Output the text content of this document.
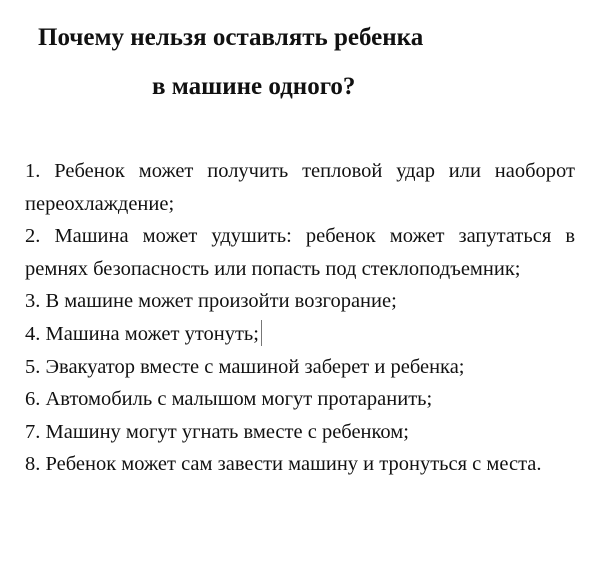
Почему нельзя оставлять ребенка
в машине одного?

1. Ребенок может получить тепловой удар или наоборот переохлаждение;

2. Машина может удушить: ребенок может запутаться в ремнях безопасность или попасть под стеклоподъемник;

3. В машине может произойти возгорание;

4. Машина может утонуть;

5. Эвакуатор вместе с машиной заберет и ребенка;

6. Автомобиль с малышом могут протаранить;

7. Машину могут угнать вместе с ребенком;

8. Ребенок может сам завести машину и тронуться с места.
